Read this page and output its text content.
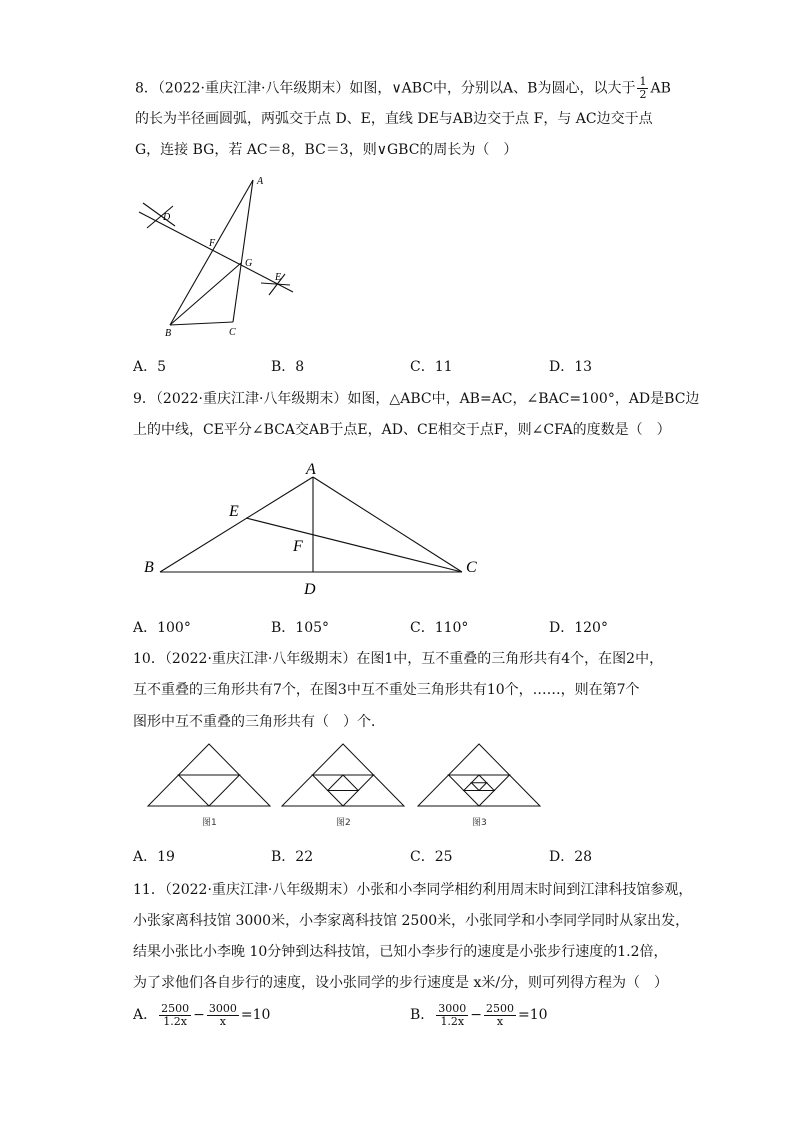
8．（2022·重庆江津·八年级期末）如图，∨ABC中，分别以A、B为圆心，以大于 $\frac{1}{2}$ AB
的长为半径画圆弧，两弧交于点 D、E，直线 DE与AB边交于点 F，与 AC边交于点
G，连接 BG，若 AC＝8，BC＝3，则∨GBC的周长为（　）
A
B	C
D
E
F
G
A．5	B．8	C．11	D．13
9．（2022·重庆江津·八年级期末）如图，△ABC中，AB=AC，∠BAC=100°，AD是BC边
上的中线，CE平分∠BCA交AB于点E，AD、CE相交于点F，则∠CFA的度数是（　）
A
B	C
D
E
F
A．100°	B．105°	C．110°	D．120°
10．（2022·重庆江津·八年级期末）在图1中，互不重叠的三角形共有4个，在图2中，
互不重叠的三角形共有7个，在图3中互不重处三角形共有10个，……，则在第7个
图形中互不重叠的三角形共有（　）个．
图1	图2	图3
A．19	B．22	C．25	D．28
11．（2022·重庆江津·八年级期末）小张和小李同学相约利用周末时间到江津科技馆参观，
小张家离科技馆 3000米，小李家离科技馆 2500米，小张同学和小李同学同时从家出发，
结果小张比小李晚 10分钟到达科技馆，已知小李步行的速度是小张步行速度的1.2倍，
为了求他们各自步行的速度，设小张同学的步行速度是 x米/分，则可列得方程为（　）
A． $\frac{2500}{1.2x} - \frac{3000}{x} =10$	B． $\frac{3000}{1.2x} - \frac{2500}{x} =10$
